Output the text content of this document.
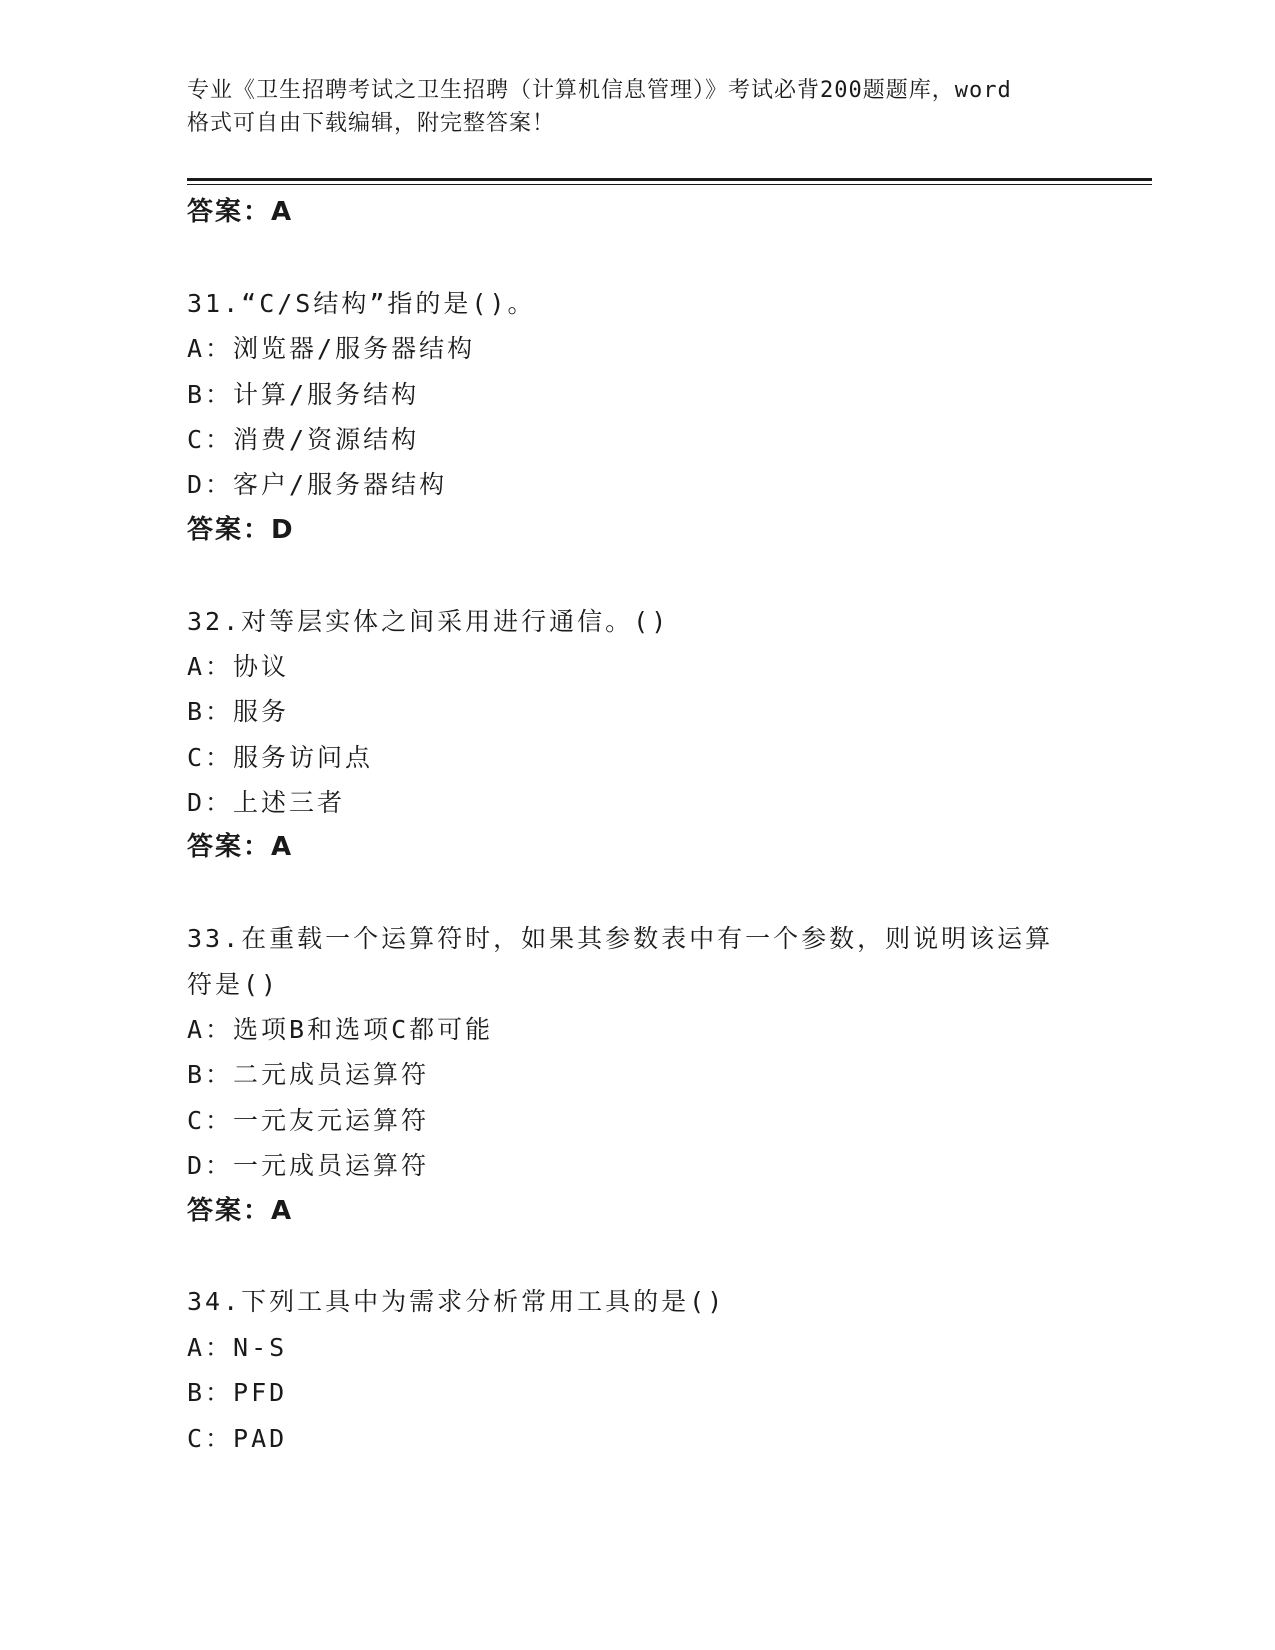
专业《卫生招聘考试之卫生招聘（计算机信息管理）》考试必背200题题库，word
格式可自由下载编辑，附完整答案！
答案：A
31.“C/S结构”指的是()。
A：浏览器/服务器结构
B：计算/服务结构
C：消费/资源结构
D：客户/服务器结构
答案：D
32.对等层实体之间采用进行通信。()
A：协议
B：服务
C：服务访问点
D：上述三者
答案：A
33.在重载一个运算符时，如果其参数表中有一个参数，则说明该运算
符是()
A：选项B和选项C都可能
B：二元成员运算符
C：一元友元运算符
D：一元成员运算符
答案：A
34.下列工具中为需求分析常用工具的是()
A：N-S
B：PFD
C：PAD
